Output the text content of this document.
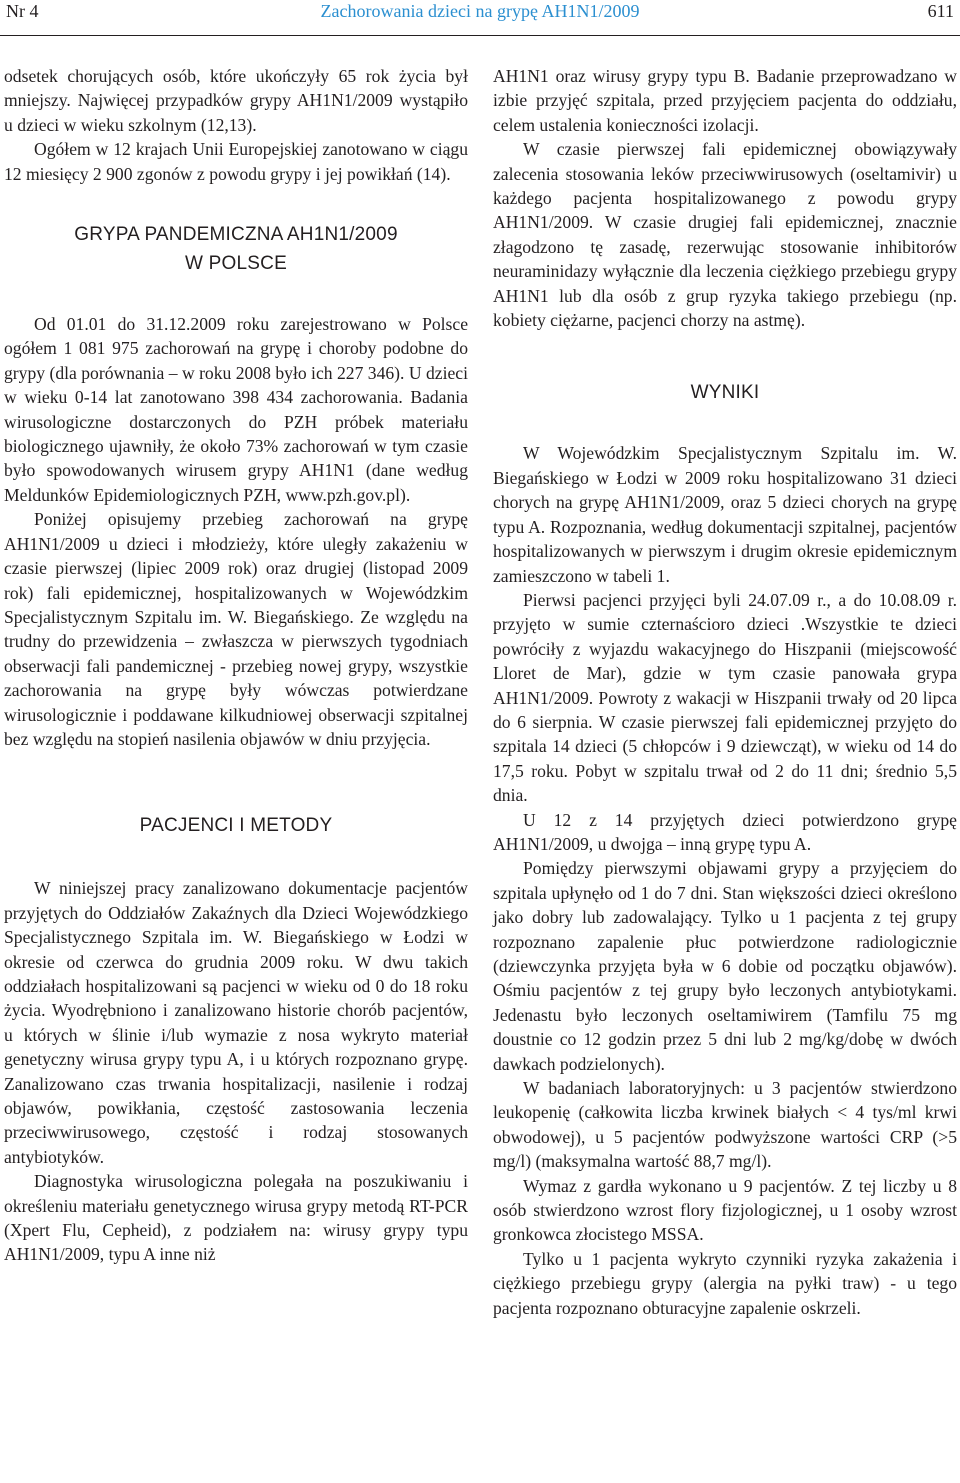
Nr 4	Zachorowania dzieci na grypę AH1N1/2009	611

odsetek chorujących osób, które ukończyły 65 rok życia był mniejszy. Najwięcej przypadków grypy AH1N1/2009 wystąpiło u dzieci w wieku szkolnym (12,13).

Ogółem w 12 krajach Unii Europejskiej zanotowano w ciągu 12 miesięcy 2 900 zgonów z powodu grypy i jej powikłań (14).

GRYPA PANDEMICZNA AH1N1/2009
W POLSCE

Od 01.01 do 31.12.2009 roku zarejestrowano w Polsce ogółem 1 081 975 zachorowań na grypę i choroby podobne do grypy (dla porównania – w roku 2008 było ich 227 346). U dzieci w wieku 0-14 lat zanotowano 398 434 zachorowania. Badania wirusologiczne dostarczonych do PZH próbek materiału biologicznego ujawniły, że około 73% zachorowań w tym czasie było spowodowanych wirusem grypy AH1N1 (dane według Meldunków Epidemiologicznych PZH, www.pzh.gov.pl).

Poniżej opisujemy przebieg zachorowań na grypę AH1N1/2009 u dzieci i młodzieży, które uległy zakażeniu w czasie pierwszej (lipiec 2009 rok) oraz drugiej (listopad 2009 rok) fali epidemicznej, hospitalizowanych w Wojewódzkim Specjalistycznym Szpitalu im. W. Biegańskiego. Ze względu na trudny do przewidzenia – zwłaszcza w pierwszych tygodniach obserwacji fali pandemicznej - przebieg nowej grypy, wszystkie zachorowania na grypę były wówczas potwierdzane wirusologicznie i poddawane kilkudniowej obserwacji szpitalnej bez względu na stopień nasilenia objawów w dniu przyjęcia.

PACJENCI I METODY

W niniejszej pracy zanalizowano dokumentacje pacjentów przyjętych do Oddziałów Zakaźnych dla Dzieci Wojewódzkiego Specjalistycznego Szpitala im. W. Biegańskiego w Łodzi w okresie od czerwca do grudnia 2009 roku. W dwu takich oddziałach hospitalizowani są pacjenci w wieku od 0 do 18 roku życia. Wyodrębniono i zanalizowano historie chorób pacjentów, u których w ślinie i/lub wymazie z nosa wykryto materiał genetyczny wirusa grypy typu A, i u których rozpoznano grypę. Zanalizowano czas trwania hospitalizacji, nasilenie i rodzaj objawów, powikłania, częstość zastosowania leczenia przeciwwirusowego, częstość i rodzaj stosowanych antybiotyków.

Diagnostyka wirusologiczna polegała na poszukiwaniu i określeniu materiału genetycznego wirusa grypy metodą RT-PCR (Xpert Flu, Cepheid), z podziałem na: wirusy grypy typu AH1N1/2009, typu A inne niż

AH1N1 oraz wirusy grypy typu B. Badanie przeprowadzano w izbie przyjęć szpitala, przed przyjęciem pacjenta do oddziału, celem ustalenia konieczności izolacji.

W czasie pierwszej fali epidemicznej obowiązywały zalecenia stosowania leków przeciwwirusowych (oseltamivir) u każdego pacjenta hospitalizowanego z powodu grypy AH1N1/2009. W czasie drugiej fali epidemicznej, znacznie złagodzono tę zasadę, rezerwując stosowanie inhibitorów neuraminidazy wyłącznie dla leczenia ciężkiego przebiegu grypy AH1N1 lub dla osób z grup ryzyka takiego przebiegu (np. kobiety ciężarne, pacjenci chorzy na astmę).

WYNIKI

W Wojewódzkim Specjalistycznym Szpitalu im. W. Biegańskiego w Łodzi w 2009 roku hospitalizowano 31 dzieci chorych na grypę AH1N1/2009, oraz 5 dzieci chorych na grypę typu A. Rozpoznania, według dokumentacji szpitalnej, pacjentów hospitalizowanych w pierwszym i drugim okresie epidemicznym zamieszczono w tabeli 1.

Pierwsi pacjenci przyjęci byli 24.07.09 r., a do 10.08.09 r. przyjęto w sumie czternaścioro dzieci .Wszystkie te dzieci powróciły z wyjazdu wakacyjnego do Hiszpanii (miejscowość Lloret de Mar), gdzie w tym czasie panowała grypa AH1N1/2009. Powroty z wakacji w Hiszpanii trwały od 20 lipca do 6 sierpnia. W czasie pierwszej fali epidemicznej przyjęto do szpitala 14 dzieci (5 chłopców i 9 dziewcząt), w wieku od 14 do 17,5 roku. Pobyt w szpitalu trwał od 2 do 11 dni; średnio 5,5 dnia.

U 12 z 14 przyjętych dzieci potwierdzono grypę AH1N1/2009, u dwojga – inną grypę typu A.

Pomiędzy pierwszymi objawami grypy a przyjęciem do szpitala upłynęło od 1 do 7 dni. Stan większości dzieci określono jako dobry lub zadowalający. Tylko u 1 pacjenta z tej grupy rozpoznano zapalenie płuc potwierdzone radiologicznie (dziewczynka przyjęta była w 6 dobie od początku objawów). Ośmiu pacjentów z tej grupy było leczonych antybiotykami. Jedenastu było leczonych oseltamiwirem (Tamfilu 75 mg doustnie co 12 godzin przez 5 dni lub 2 mg/kg/dobę w dwóch dawkach podzielonych).

W badaniach laboratoryjnych: u 3 pacjentów stwierdzono leukopenię (całkowita liczba krwinek białych < 4 tys/ml krwi obwodowej), u 5 pacjentów podwyższone wartości CRP (>5 mg/l) (maksymalna wartość 88,7 mg/l).

Wymaz z gardła wykonano u 9 pacjentów. Z tej liczby u 8 osób stwierdzono wzrost flory fizjologicznej, u 1 osoby wzrost gronkowca złocistego MSSA.

Tylko u 1 pacjenta wykryto czynniki ryzyka zakażenia i ciężkiego przebiegu grypy (alergia na pyłki traw) - u tego pacjenta rozpoznano obturacyjne zapalenie oskrzeli.
